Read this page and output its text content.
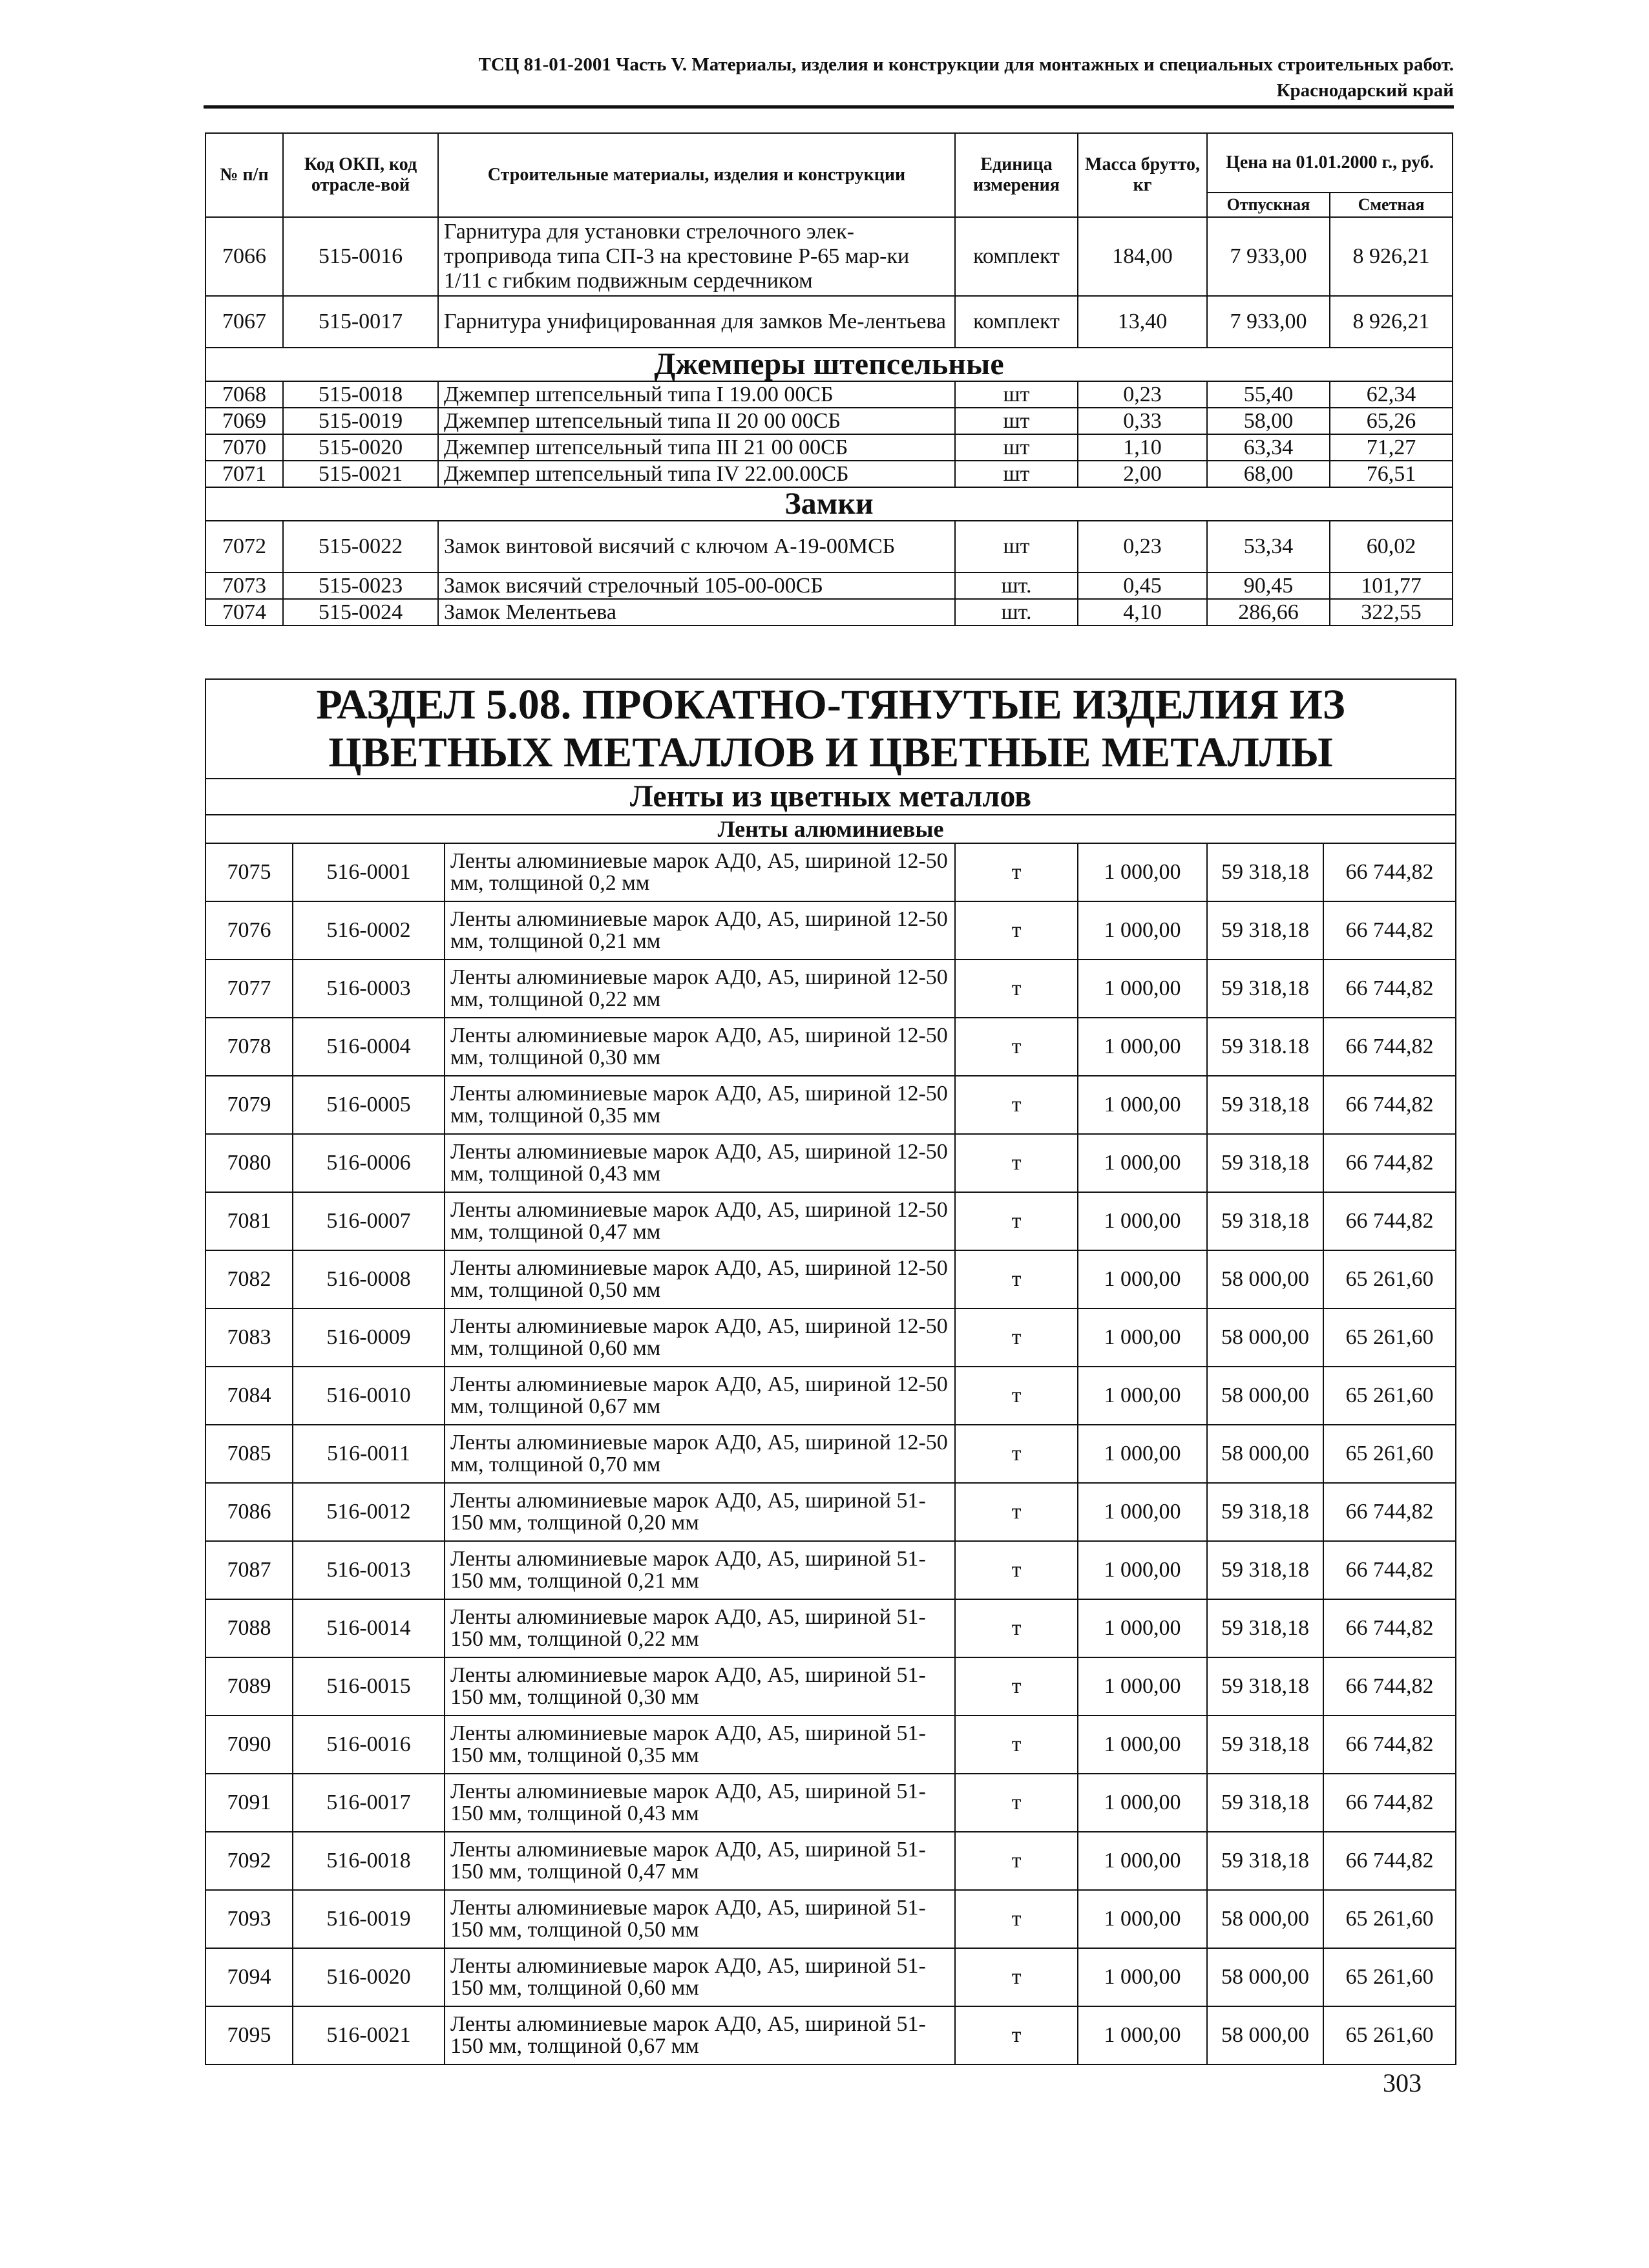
ТСЦ 81-01-2001 Часть V. Материалы, изделия и конструкции для монтажных и специальных строительных работ.
Краснодарский край
№ п/п	Код ОКП, код отрасле-вой	Строительные материалы, изделия и конструкции	Единица измерения	Масса брутто, кг	Цена на 01.01.2000 г., руб.	
					Отпускная	Сметная
7066	515-0016	Гарнитура для установки стрелочного элек-тропривода типа СП-3 на крестовине Р-65 мар-ки 1/11 с гибким подвижным сердечником	комплект	184,00	7 933,00	8 926,21
7067	515-0017	Гарнитура унифицированная для замков Ме-лентьева	комплект	13,40	7 933,00	8 926,21
Джемперы штепсельные						
7068	515-0018	Джемпер штепсельный типа I 19.00 00СБ	шт	0,23	55,40	62,34
7069	515-0019	Джемпер штепсельный типа II 20 00 00СБ	шт	0,33	58,00	65,26
7070	515-0020	Джемпер штепсельный типа III 21 00 00СБ	шт	1,10	63,34	71,27
7071	515-0021	Джемпер штепсельный типа IV 22.00.00СБ	шт	2,00	68,00	76,51
Замки						
7072	515-0022	Замок винтовой висячий с ключом А-19-00МСБ	шт	0,23	53,34	60,02
7073	515-0023	Замок висячий стрелочный 105-00-00СБ	шт.	0,45	90,45	101,77
7074	515-0024	Замок Мелентьева	шт.	4,10	286,66	322,55
РАЗДЕЛ 5.08. ПРОКАТНО-ТЯНУТЫЕ ИЗДЕЛИЯ ИЗ ЦВЕТНЫХ МЕТАЛЛОВ И ЦВЕТНЫЕ МЕТАЛЛЫ						
Ленты из цветных металлов						
Ленты алюминиевые						
7075	516-0001	Ленты алюминиевые марок АД0, А5, шириной 12-50 мм, толщиной 0,2 мм	т	1 000,00	59 318,18	66 744,82
7076	516-0002	Ленты алюминиевые марок АД0, А5, шириной 12-50 мм, толщиной 0,21 мм	т	1 000,00	59 318,18	66 744,82
7077	516-0003	Ленты алюминиевые марок АД0, А5, шириной 12-50 мм, толщиной 0,22 мм	т	1 000,00	59 318,18	66 744,82
7078	516-0004	Ленты алюминиевые марок АД0, А5, шириной 12-50 мм, толщиной 0,30 мм	т	1 000,00	59 318.18	66 744,82
7079	516-0005	Ленты алюминиевые марок АД0, А5, шириной 12-50 мм, толщиной 0,35 мм	т	1 000,00	59 318,18	66 744,82
7080	516-0006	Ленты алюминиевые марок АД0, А5, шириной 12-50 мм, толщиной 0,43 мм	т	1 000,00	59 318,18	66 744,82
7081	516-0007	Ленты алюминиевые марок АД0, А5, шириной 12-50 мм, толщиной 0,47 мм	т	1 000,00	59 318,18	66 744,82
7082	516-0008	Ленты алюминиевые марок АД0, А5, шириной 12-50 мм, толщиной 0,50 мм	т	1 000,00	58 000,00	65 261,60
7083	516-0009	Ленты алюминиевые марок АД0, А5, шириной 12-50 мм, толщиной 0,60 мм	т	1 000,00	58 000,00	65 261,60
7084	516-0010	Ленты алюминиевые марок АД0, А5, шириной 12-50 мм, толщиной 0,67 мм	т	1 000,00	58 000,00	65 261,60
7085	516-0011	Ленты алюминиевые марок АД0, А5, шириной 12-50 мм, толщиной 0,70 мм	т	1 000,00	58 000,00	65 261,60
7086	516-0012	Ленты алюминиевые марок АД0, А5, шириной 51-150 мм, толщиной 0,20 мм	т	1 000,00	59 318,18	66 744,82
7087	516-0013	Ленты алюминиевые марок АД0, А5, шириной 51-150 мм, толщиной 0,21 мм	т	1 000,00	59 318,18	66 744,82
7088	516-0014	Ленты алюминиевые марок АД0, А5, шириной 51-150 мм, толщиной 0,22 мм	т	1 000,00	59 318,18	66 744,82
7089	516-0015	Ленты алюминиевые марок АД0, А5, шириной 51-150 мм, толщиной 0,30 мм	т	1 000,00	59 318,18	66 744,82
7090	516-0016	Ленты алюминиевые марок АД0, А5, шириной 51-150 мм, толщиной 0,35 мм	т	1 000,00	59 318,18	66 744,82
7091	516-0017	Ленты алюминиевые марок АД0, А5, шириной 51-150 мм, толщиной 0,43 мм	т	1 000,00	59 318,18	66 744,82
7092	516-0018	Ленты алюминиевые марок АД0, А5, шириной 51-150 мм, толщиной 0,47 мм	т	1 000,00	59 318,18	66 744,82
7093	516-0019	Ленты алюминиевые марок АД0, А5, шириной 51-150 мм, толщиной 0,50 мм	т	1 000,00	58 000,00	65 261,60
7094	516-0020	Ленты алюминиевые марок АД0, А5, шириной 51-150 мм, толщиной 0,60 мм	т	1 000,00	58 000,00	65 261,60
7095	516-0021	Ленты алюминиевые марок АД0, А5, шириной 51-150 мм, толщиной 0,67 мм	т	1 000,00	58 000,00	65 261,60
303
